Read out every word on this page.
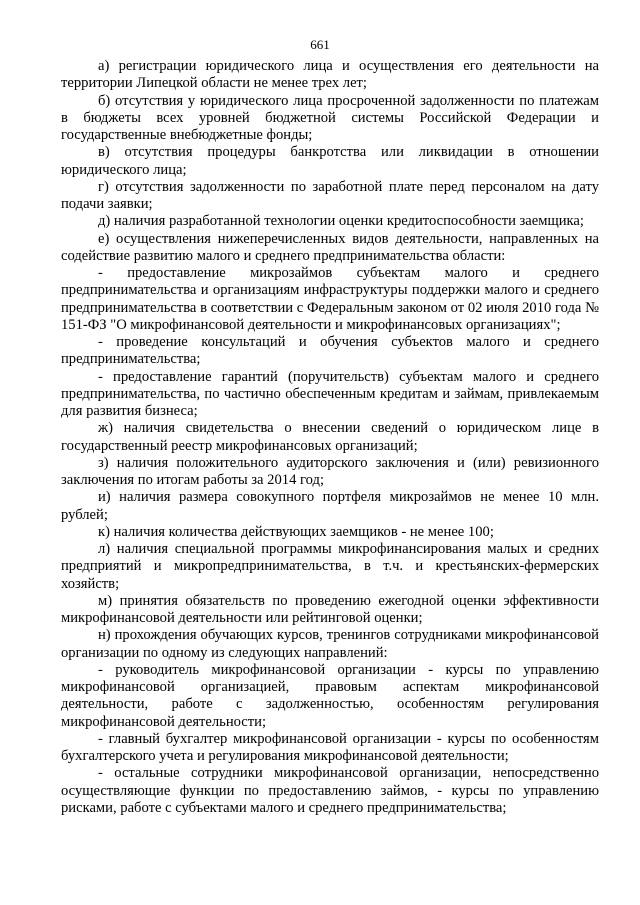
661

а) регистрации юридического лица и осуществления его деятельности на территории Липецкой области не менее трех лет;

б) отсутствия у юридического лица просроченной задолженности по платежам в бюджеты всех уровней бюджетной системы Российской Федерации и государственные внебюджетные фонды;

в) отсутствия процедуры банкротства или ликвидации в отношении юридического лица;

г) отсутствия задолженности по заработной плате перед персоналом на дату подачи заявки;

д) наличия разработанной технологии оценки кредитоспособности заемщика;

е) осуществления нижеперечисленных видов деятельности, направленных на содействие развитию малого и среднего предпринимательства области:

- предоставление микрозаймов субъектам малого и среднего предпринимательства и организациям инфраструктуры поддержки малого и среднего предпринимательства в соответствии с Федеральным законом от 02 июля 2010 года № 151-ФЗ "О микрофинансовой деятельности и микрофинансовых организациях";

- проведение консультаций и обучения субъектов малого и среднего предпринимательства;

- предоставление гарантий (поручительств) субъектам малого и среднего предпринимательства, по частично обеспеченным кредитам и займам, привлекаемым для развития бизнеса;

ж) наличия свидетельства о внесении сведений о юридическом лице в государственный реестр микрофинансовых организаций;

з) наличия положительного аудиторского заключения и (или) ревизионного заключения по итогам работы за 2014 год;

и) наличия размера совокупного портфеля микрозаймов не менее 10 млн. рублей;

к) наличия количества действующих заемщиков - не менее 100;

л) наличия специальной программы микрофинансирования малых и средних предприятий и микропредпринимательства, в т.ч. и крестьянских-фермерских хозяйств;

м) принятия обязательств по проведению ежегодной оценки эффективности микрофинансовой деятельности или рейтинговой оценки;

н) прохождения обучающих курсов, тренингов сотрудниками микрофинансовой организации по одному из следующих направлений:

- руководитель микрофинансовой организации - курсы по управлению микрофинансовой организацией, правовым аспектам микрофинансовой деятельности, работе с задолженностью, особенностям регулирования микрофинансовой деятельности;

- главный бухгалтер микрофинансовой организации - курсы по особенностям бухгалтерского учета и регулирования микрофинансовой деятельности;

- остальные сотрудники микрофинансовой организации, непосредственно осуществляющие функции по предоставлению займов, - курсы по управлению рисками, работе с субъектами малого и среднего предпринимательства;
